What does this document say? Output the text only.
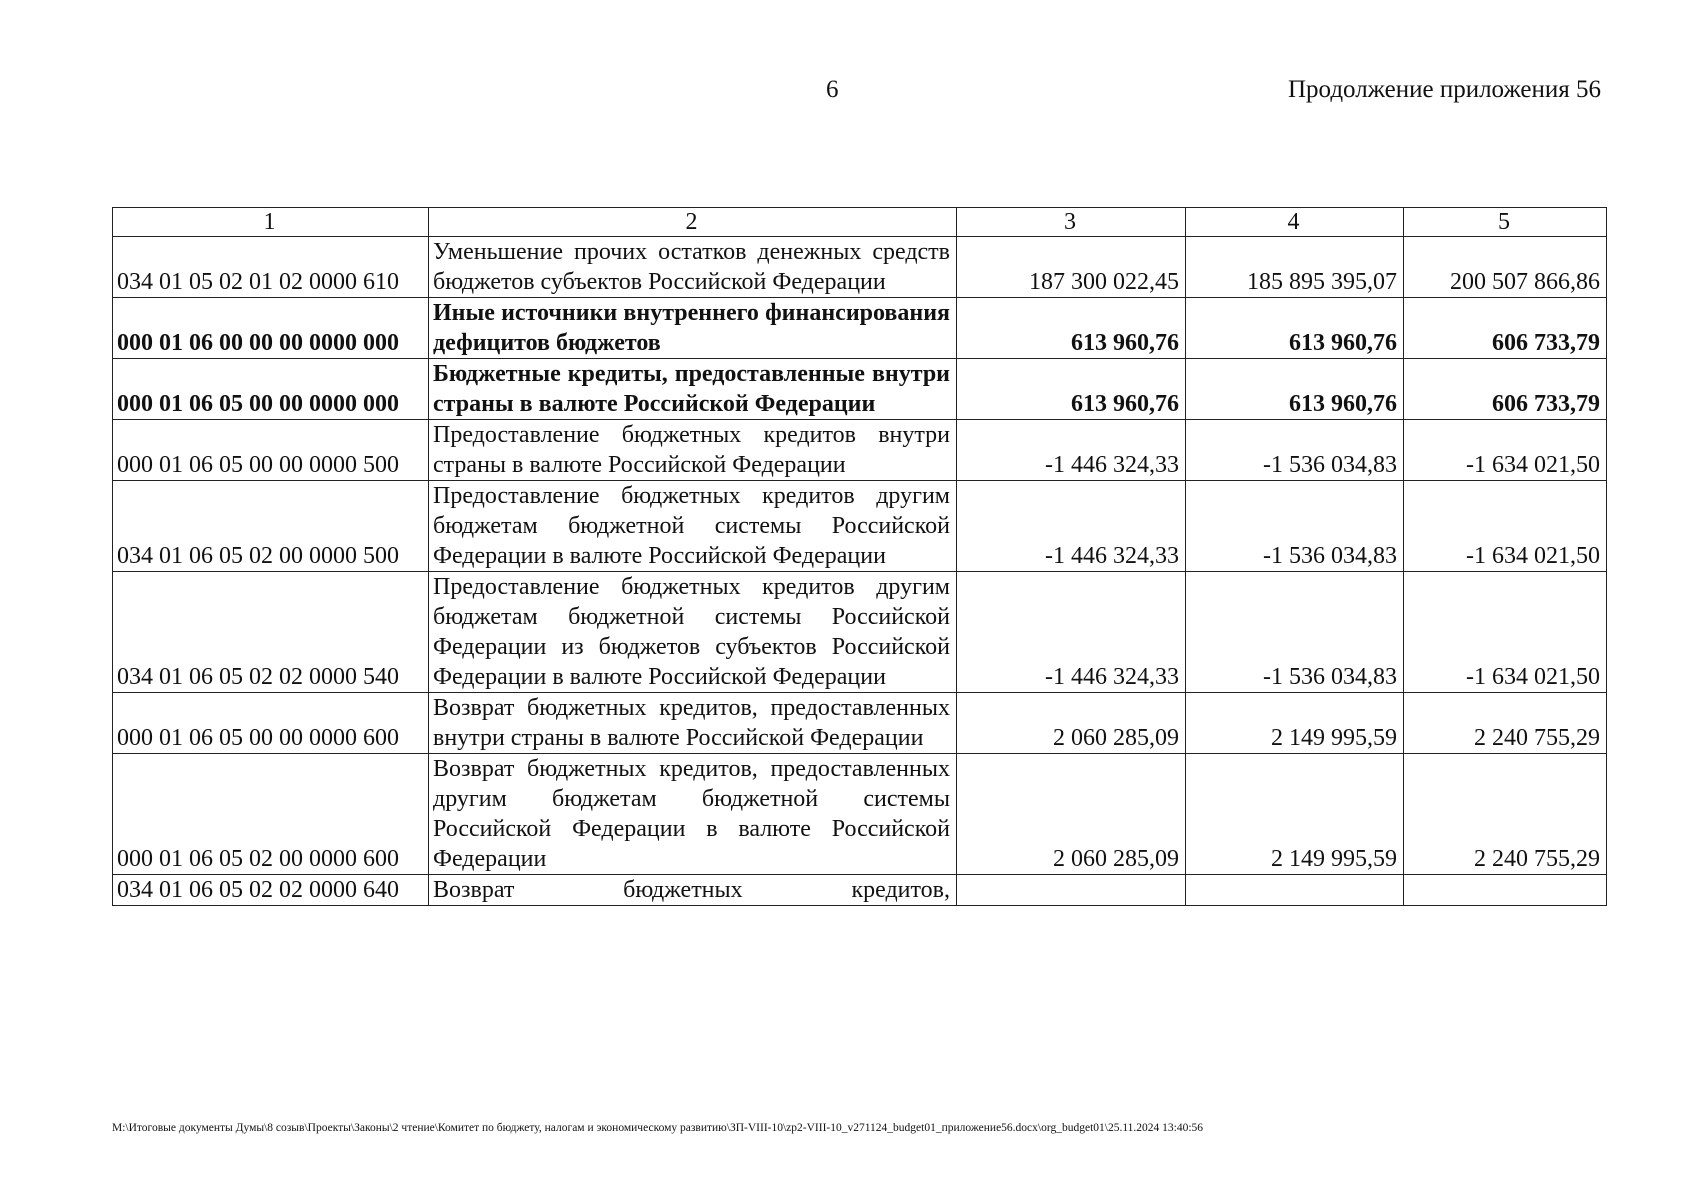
6	Продолжение приложения 56
1	2	3	4	5
034 01 05 02 01 02 0000 610	Уменьшение прочих остатков денежных средств бюджетов субъектов Российской Федерации	187 300 022,45	185 895 395,07	200 507 866,86
000 01 06 00 00 00 0000 000	Иные источники внутреннего финансирования дефицитов бюджетов	613 960,76	613 960,76	606 733,79
000 01 06 05 00 00 0000 000	Бюджетные кредиты, предоставленные внутри страны в валюте Российской Федерации	613 960,76	613 960,76	606 733,79
000 01 06 05 00 00 0000 500	Предоставление бюджетных кредитов внутри страны в валюте Российской Федерации	-1 446 324,33	-1 536 034,83	-1 634 021,50
034 01 06 05 02 00 0000 500	Предоставление бюджетных кредитов другим бюджетам бюджетной системы Российской Федерации в валюте Российской Федерации	-1 446 324,33	-1 536 034,83	-1 634 021,50
034 01 06 05 02 02 0000 540	Предоставление бюджетных кредитов другим бюджетам бюджетной системы Российской Федерации из бюджетов субъектов Российской Федерации в валюте Российской Федерации	-1 446 324,33	-1 536 034,83	-1 634 021,50
000 01 06 05 00 00 0000 600	Возврат бюджетных кредитов, предоставленных внутри страны в валюте Российской Федерации	2 060 285,09	2 149 995,59	2 240 755,29
000 01 06 05 02 00 0000 600	Возврат бюджетных кредитов, предоставленных другим бюджетам бюджетной системы Российской Федерации в валюте Российской Федерации	2 060 285,09	2 149 995,59	2 240 755,29
034 01 06 05 02 02 0000 640	Возврат бюджетных кредитов,			
M:\Итоговые документы Думы\8 созыв\Проекты\Законы\2 чтение\Комитет по бюджету, налогам и экономическому развитию\ЗП-VIII-10\zp2-VIII-10_v271124_budget01_приложение56.docx\org_budget01\25.11.2024 13:40:56
